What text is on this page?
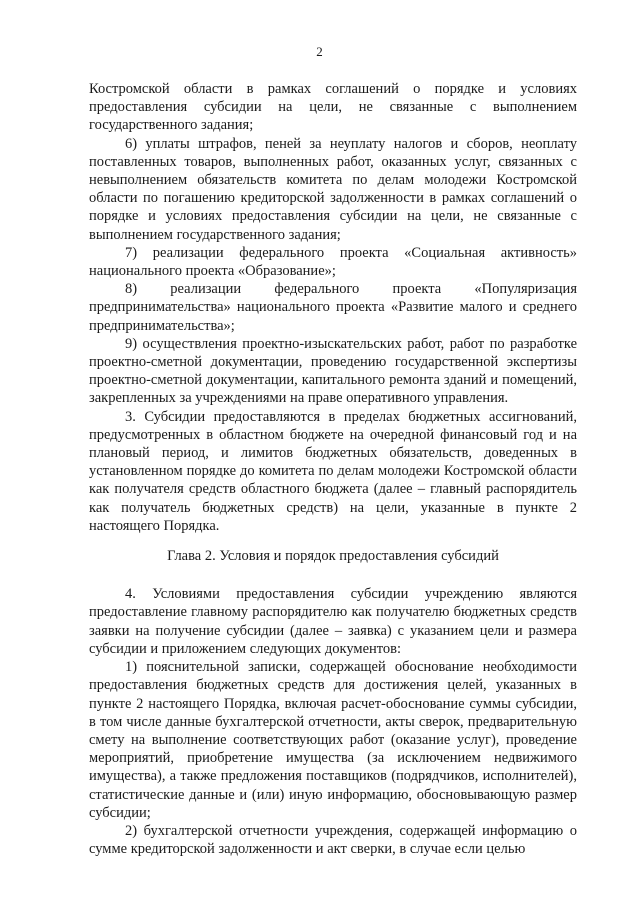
2

Костромской области в рамках соглашений о порядке и условиях предоставления субсидии на цели, не связанные с выполнением государственного задания;

6) уплаты штрафов, пеней за неуплату налогов и сборов, неоплату поставленных товаров, выполненных работ, оказанных услуг, связанных с невыполнением обязательств комитета по делам молодежи Костромской области по погашению кредиторской задолженности в рамках соглашений о порядке и условиях предоставления субсидии на цели, не связанные с выполнением государственного задания;

7) реализации федерального проекта «Социальная активность» национального проекта «Образование»;

8) реализации федерального проекта «Популяризация предпринимательства» национального проекта «Развитие малого и среднего предпринимательства»;

9) осуществления проектно-изыскательских работ, работ по разработке проектно-сметной документации, проведению государственной экспертизы проектно-сметной документации, капитального ремонта зданий и помещений, закрепленных за учреждениями на праве оперативного управления.

3. Субсидии предоставляются в пределах бюджетных ассигнований, предусмотренных в областном бюджете на очередной финансовый год и на плановый период, и лимитов бюджетных обязательств, доведенных в установленном порядке до комитета по делам молодежи Костромской области как получателя средств областного бюджета (далее – главный распорядитель как получатель бюджетных средств) на цели, указанные в пункте 2 настоящего Порядка.

Глава 2. Условия и порядок предоставления субсидий

4. Условиями предоставления субсидии учреждению являются предоставление главному распорядителю как получателю бюджетных средств заявки на получение субсидии (далее – заявка) с указанием цели и размера субсидии и приложением следующих документов:

1) пояснительной записки, содержащей обоснование необходимости предоставления бюджетных средств для достижения целей, указанных в пункте 2 настоящего Порядка, включая расчет-обоснование суммы субсидии, в том числе данные бухгалтерской отчетности, акты сверок, предварительную смету на выполнение соответствующих работ (оказание услуг), проведение мероприятий, приобретение имущества (за исключением недвижимого имущества), а также предложения поставщиков (подрядчиков, исполнителей), статистические данные и (или) иную информацию, обосновывающую размер субсидии;

2) бухгалтерской отчетности учреждения, содержащей информацию о сумме кредиторской задолженности и акт сверки, в случае если целью
